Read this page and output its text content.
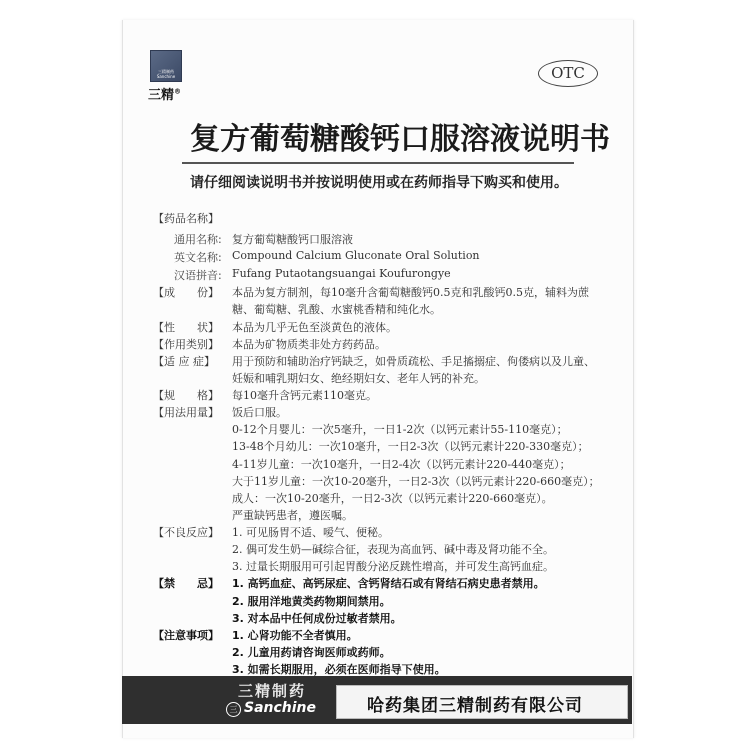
三精制药 Sanchine
三精®
OTC
复方葡萄糖酸钙口服溶液说明书
请仔细阅读说明书并按说明使用或在药师指导下购买和使用。
【药品名称】
通用名称: 复方葡萄糖酸钙口服溶液
英文名称: Compound Calcium Gluconate Oral Solution
汉语拼音: Fufang Putaotangsuangai Koufurongye
【成　　份】 本品为复方制剂，每10毫升含葡萄糖酸钙0.5克和乳酸钙0.5克，辅料为蔗
糖、葡萄糖、乳酸、水蜜桃香精和纯化水。
【性　　状】 本品为几乎无色至淡黄色的液体。
【作用类别】 本品为矿物质类非处方药药品。
【适 应 症】 用于预防和辅助治疗钙缺乏，如骨质疏松、手足搐搦症、佝偻病以及儿童、
妊娠和哺乳期妇女、绝经期妇女、老年人钙的补充。
【规　　格】 每10毫升含钙元素110毫克。
【用法用量】 饭后口服。
0-12个月婴儿：一次5毫升，一日1-2次（以钙元素计55-110毫克）；
13-48个月幼儿：一次10毫升，一日2-3次（以钙元素计220-330毫克）；
4-11岁儿童：一次10毫升，一日2-4次（以钙元素计220-440毫克）；
大于11岁儿童：一次10-20毫升，一日2-3次（以钙元素计220-660毫克）；
成人：一次10-20毫升，一日2-3次（以钙元素计220-660毫克）。
严重缺钙患者，遵医嘱。
【不良反应】 1. 可见肠胃不适、嗳气、便秘。
2. 偶可发生奶—碱综合征，表现为高血钙、碱中毒及肾功能不全。
3. 过量长期服用可引起胃酸分泌反跳性增高，并可发生高钙血症。
【禁　　忌】 1. 高钙血症、高钙尿症、含钙肾结石或有肾结石病史患者禁用。
2. 服用洋地黄类药物期间禁用。
3. 对本品中任何成份过敏者禁用。
【注意事项】 1. 心肾功能不全者慎用。
2. 儿童用药请咨询医师或药师。
3. 如需长期服用，必须在医师指导下使用。
三精制药
三 Sanchine	哈药集团三精制药有限公司
